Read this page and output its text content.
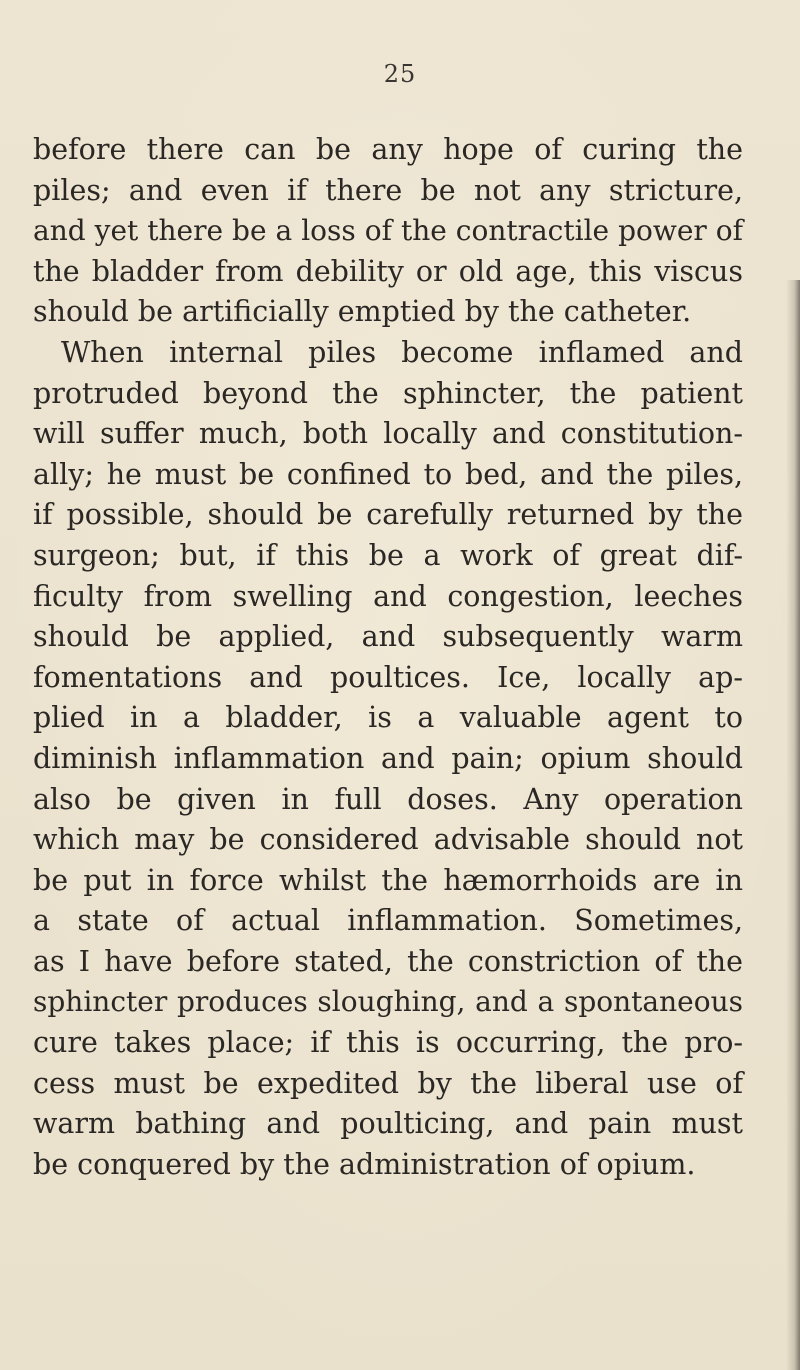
25
before there can be any hope of curing the
piles; and even if there be not any stricture,
and yet there be a loss of the contractile power of
the bladder from debility or old age, this viscus
should be artificially emptied by the catheter.
When internal piles become inflamed and
protruded beyond the sphincter, the patient
will suffer much, both locally and constitution-
ally; he must be confined to bed, and the piles,
if possible, should be carefully returned by the
surgeon; but, if this be a work of great dif-
ficulty from swelling and congestion, leeches
should be applied, and subsequently warm
fomentations and poultices. Ice, locally ap-
plied in a bladder, is a valuable agent to
diminish inflammation and pain; opium should
also be given in full doses. Any operation
which may be considered advisable should not
be put in force whilst the hæmorrhoids are in
a state of actual inflammation. Sometimes,
as I have before stated, the constriction of the
sphincter produces sloughing, and a spontaneous
cure takes place; if this is occurring, the pro-
cess must be expedited by the liberal use of
warm bathing and poulticing, and pain must
be conquered by the administration of opium.
